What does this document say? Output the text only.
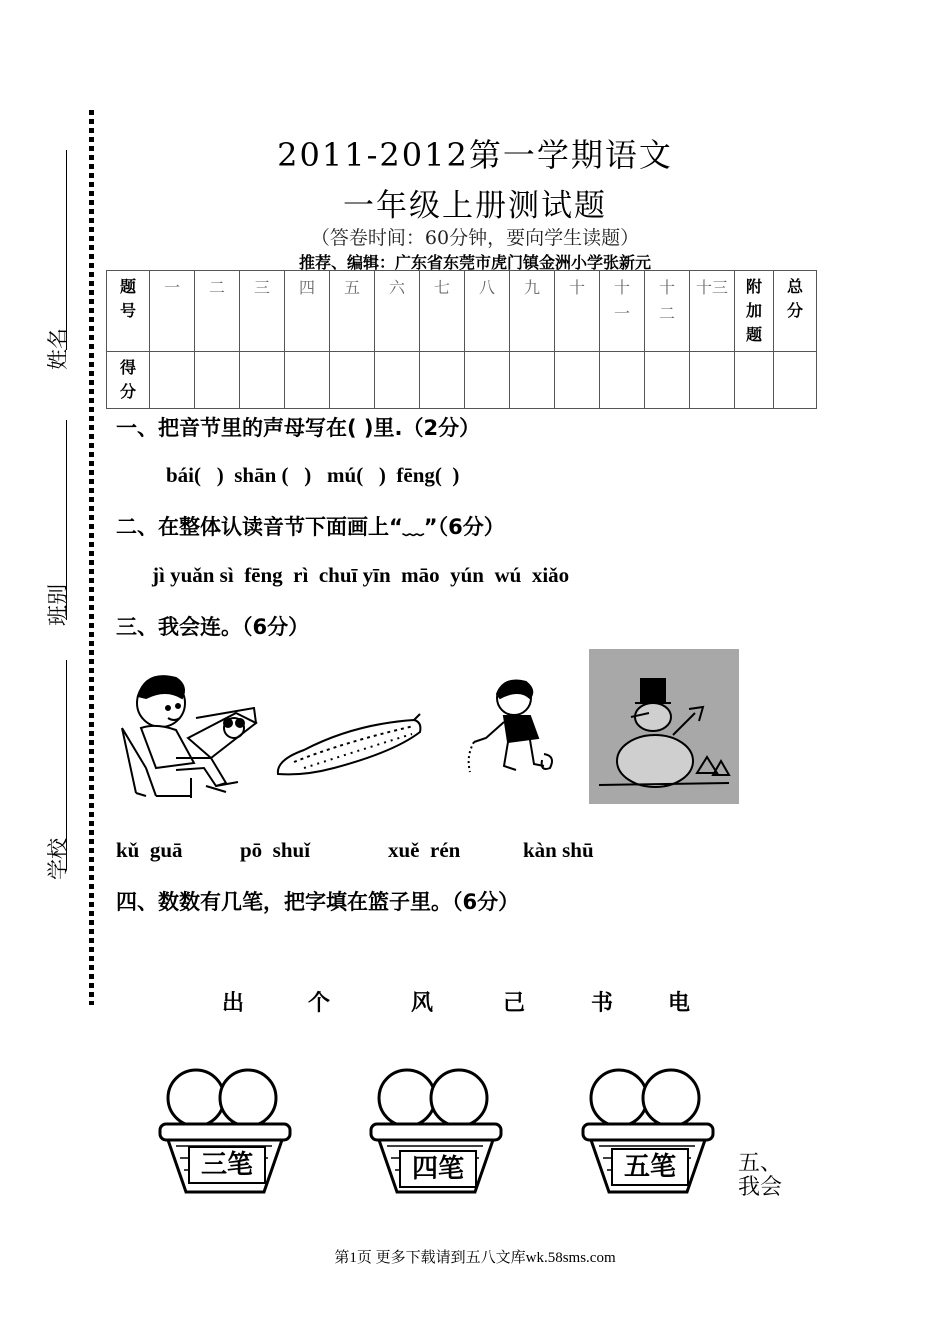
姓名
班别
学校
2011-2012第一学期语文
一年级上册测试题
（答卷时间：60分钟，要向学生读题）
推荐、编辑：广东省东莞市虎门镇金洲小学张新元
题号	一	二	三	四	五	六	七	八	九	十	十一	十二	十三	附加题	总分
得分															
一、把音节里的声母写在( )里.（2分）
bái(   )  shān (   )   mú(   )  fēng(  )
二、在整体认读音节下面画上“﹏”（6分）
jì yuǎn sì  fēng  rì  chuī yīn  māo  yún  wú  xiǎo
三、我会连。（6分）
kǔ  guā	pō  shuǐ	xuě  rén	kàn shū
四、数数有几笔，把字填在篮子里。（6分）
出	个	风	己	书 电
三笔	四笔	五笔	五、
我会
第1页 更多下载请到五八文库wk.58sms.com
